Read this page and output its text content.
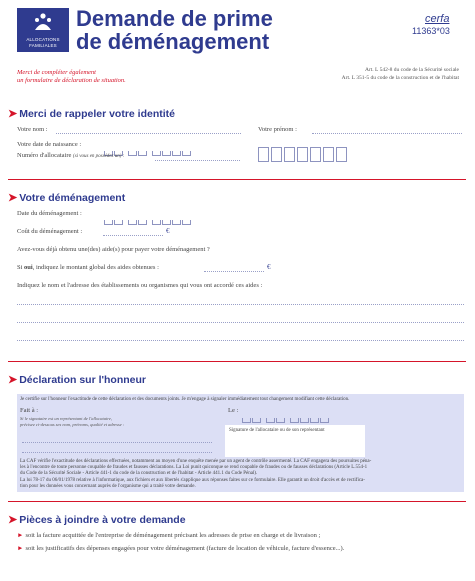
ALLOCATIONS
FAMILIALES
Demande de prime
de déménagement
cerfa
11363*03
Merci de compléter également
un formulaire de déclaration de situation.
Art. L 542-8 du code de la Sécurité sociale
Art. L 351-5 du code de la construction et de l'habitat
➤ Merci de rappeler votre identité
Votre nom :	Votre prénom :
Votre date de naissance :
Numéro d'allocataire (si vous en possédez un) :
➤ Votre déménagement
Date du déménagement :
Coût du déménagement :	€
Avez-vous déjà obtenu une(des) aide(s) pour payer votre déménagement ?
Si oui, indiquez le montant global des aides obtenues :	€
Indiquez le nom et l'adresse des établissements ou organismes qui vous ont accordé ces aides :
➤ Déclaration sur l'honneur
Je certifie sur l'honneur l'exactitude de cette déclaration et des documents joints. Je m'engage à signaler immédiatement tout changement modifiant cette déclaration.
Fait à :
Si le signataire est un représentant de l'allocataire,
précisez ci-dessous ses nom, prénoms, qualité et adresse :
Le :
La CAF vérifie l'exactitude des déclarations effectuées, notamment au moyen d'une enquête menée par un agent de contrôle assermenté. La CAF engagera des poursuites péna-
les à l'encontre de toute personne coupable de fraudes et fausses déclarations. La Loi punit quiconque se rend coupable de fraudes ou de fausses déclarations (Article L.554-1
du Code de la Sécurité Sociale - Article 441-1 du code de la construction et de l'habitat - Article 441.1 du Code Pénal).
La loi 78-17 du 06/01/1978 relative à l'informatique, aux fichiers et aux libertés s'applique aux réponses faites sur ce formulaire. Elle garantit un droit d'accès et de rectifica-
tion pour les données vous concernant auprès de l'organisme qui a traité votre demande.
Signature de l'allocataire ou de son représentant
➤ Pièces à joindre à votre demande
► soit la facture acquittée de l'entreprise de déménagement précisant les adresses de prise en charge et de livraison ;
► soit les justificatifs des dépenses engagées pour votre déménagement (facture de location de véhicule, facture d'essence...).
